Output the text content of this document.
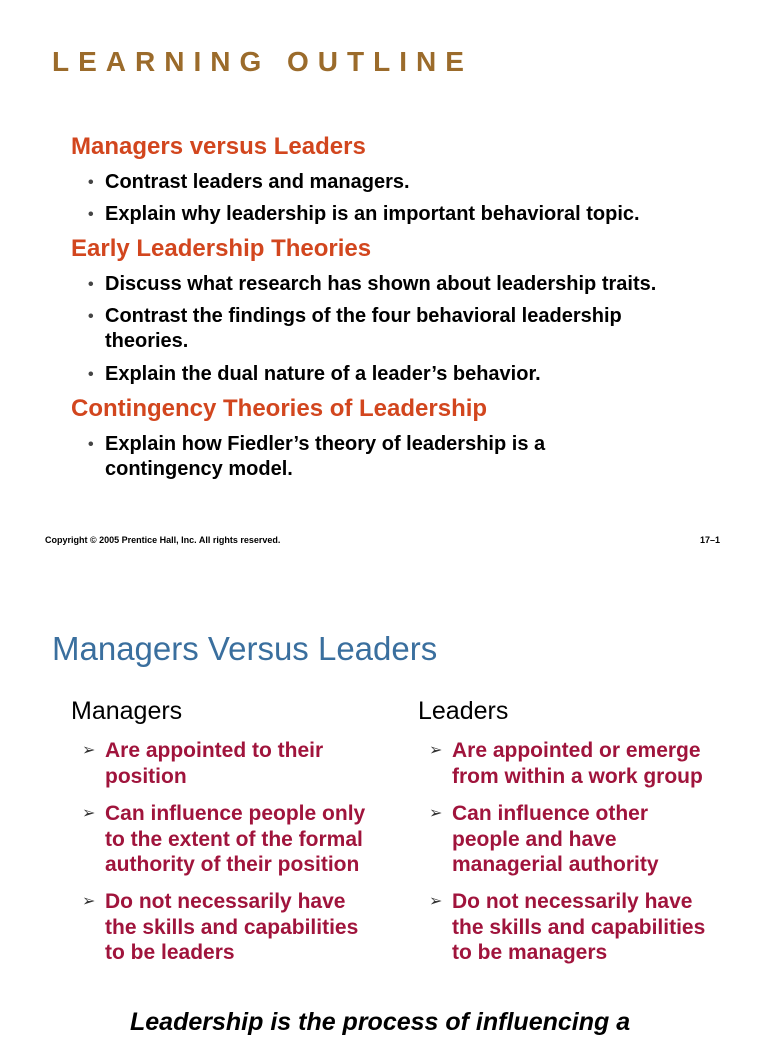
LEARNING OUTLINE
Managers versus Leaders
• Contrast leaders and managers.
• Explain why leadership is an important behavioral topic.
Early Leadership Theories
• Discuss what research has shown about leadership traits.
• Contrast the findings of the four behavioral leadership theories.
• Explain the dual nature of a leader’s behavior.
Contingency Theories of Leadership
• Explain how Fiedler’s theory of leadership is a contingency model.
Copyright © 2005 Prentice Hall, Inc. All rights reserved.	17–1
Managers Versus Leaders
Managers	Leaders
➢ Are appointed to their position
➢ Can influence people only to the extent of the formal authority of their position
➢ Do not necessarily have the skills and capabilities to be leaders
➢ Are appointed or emerge from within a work group
➢ Can influence other people and have managerial authority
➢ Do not necessarily have the skills and capabilities to be managers
Leadership is the process of influencing a
